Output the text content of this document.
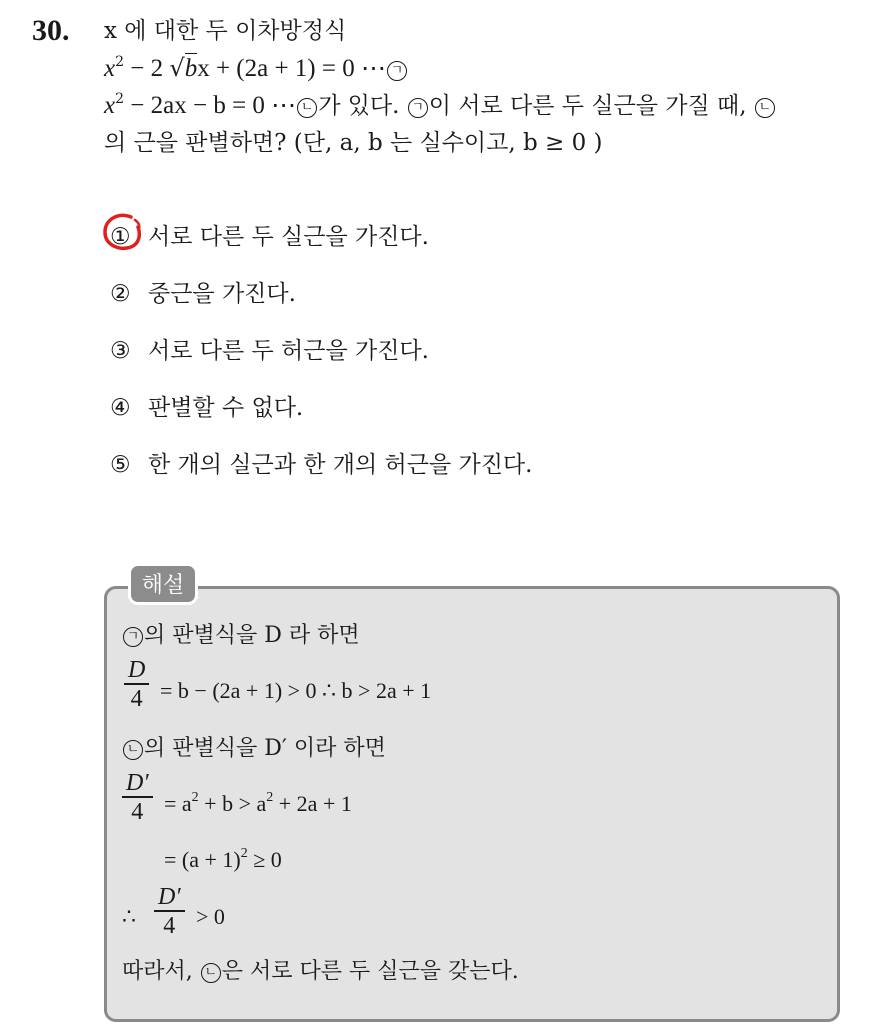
30. x 에 대한 두 이차방정식
$x^2 - 2$ √bx + (2a + 1) = 0 ⋯ ㄱ
$x^2 - 2ax - b = 0$ ⋯ ㄴ 가 있다. ㄱ 이 서로 다른 두 실근을 가질 때, ㄴ
의 근을 판별하면? (단, a, b 는 실수이고, b ≥ 0 )
① 서로 다른 두 실근을 가진다.
② 중근을 가진다.
③ 서로 다른 두 허근을 가진다.
④ 판별할 수 없다.
⑤ 한 개의 실근과 한 개의 허근을 가진다.
해설
ㄱ 의 판별식을 D 라 하면
D
4 = b − (2a + 1) > 0 ∴ b > 2a + 1
ㄴ 의 판별식을 D′ 이라 하면
D′
$4 = a^2 + b > a^2 + 2a + 1$
= $(a + 1)^2 \ge 0$
∴
D′
4 > 0
따라서, ㄴ 은 서로 다른 두 실근을 갖는다.
